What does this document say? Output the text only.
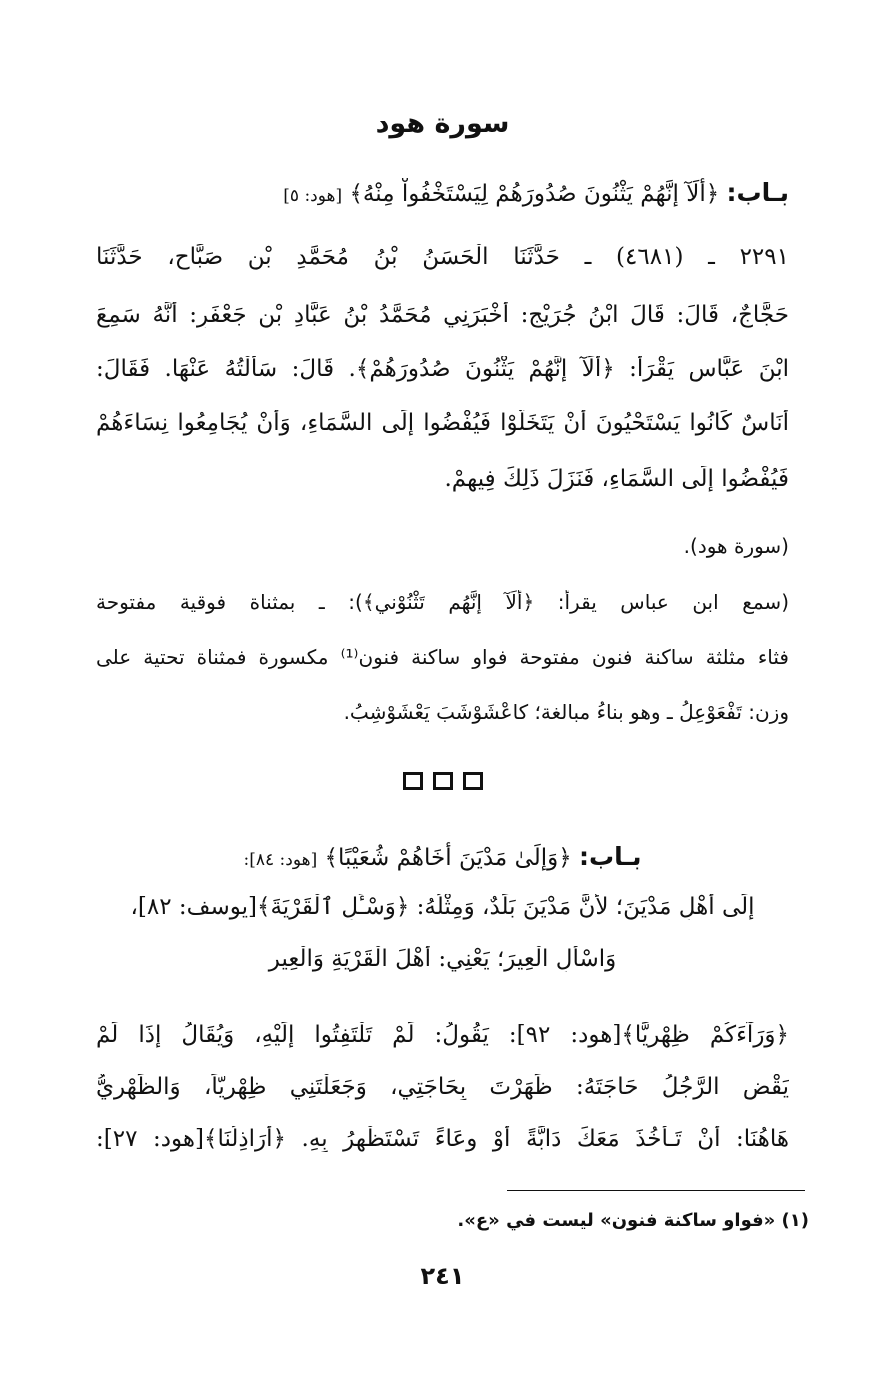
سورة هود
بـاب: ﴿أَلَآ إِنَّهُمْ يَثْنُونَ صُدُورَهُمْ لِيَسْتَخْفُواْ مِنْهُ﴾ [هود: ٥]
٢٢٩١ ـ (٤٦٨١) ـ حَدَّثَنَا الْحَسَنُ بْنُ مُحَمَّدِ بْنِ صَبَّاحٍ، حَدَّثَنَا
حَجَّاجٌ، قَالَ: قَالَ ابْنُ جُرَيْجٍ: أَخْبَرَنِي مُحَمَّدُ بْنُ عَبَّادِ بْنِ جَعْفَرٍ: أَنَّهُ سَمِعَ
ابْنَ عَبَّاسٍ يَقْرَأُ: ﴿أَلَآ إِنَّهُمْ يَثْنُونَ صُدُورَهُمْ﴾. قَالَ: سَأَلْتُهُ عَنْهَا. فَقَالَ:
أُنَاسٌ كَانُوا يَسْتَحْيُونَ أَنْ يَتَخَلَّوْا فَيُفْضُوا إِلَى السَّمَاءِ، وَأَنْ يُجَامِعُوا نِسَاءَهُمْ
فَيُفْضُوا إِلَى السَّمَاءِ، فَنَزَلَ ذَلِكَ فِيهِمْ.
(سورة هود).
(سمع ابن عباس يقرأ: ﴿أَلَآ إِنَّهُم تَثْنُوْني﴾): ـ بمثناة فوقية مفتوحة
فثاء مثلثة ساكنة فنون مفتوحة فواو ساكنة فنون⁽¹⁾ مكسورة فمثناة تحتية على
وزن: تَفْعَوْعِلُ ـ وهو بناءُ مبالغة؛ كاعْشَوْشَبَ يَعْشَوْشِبُ.
بـاب: ﴿وَإِلَىٰ مَدْيَنَ أَخَاهُمْ شُعَيْبًا﴾ [هود: ٨٤]:
إِلَى أَهْلِ مَدْيَنَ؛ لأَنَّ مَدْيَنَ بَلَدٌ، وَمِثْلُهُ: ﴿وَسْـَٔلِ ٱلْقَرْيَةَ﴾[يوسف: ٨٢]،
وَاسْأَلِ الْعِيرَ؛ يَعْنِي: أَهْلَ الْقَرْيَةِ وَالْعِيرِ
﴿وَرَآءَكُمْ ظِهْرِيًّا﴾[هود: ٩٢]: يَقُولُ: لَمْ تَلْتَفِتُوا إِلَيْهِ، وَيُقَالُ إِذَا لَمْ
يَقْضِ الرَّجُلُ حَاجَتَهُ: ظَهَرْتَ بِحَاجَتِي، وَجَعَلْتَنِي ظِهْرِيّاً، وَالظِّهْرِيُّ
هَاهُنَا: أَنْ تَـأْخُذَ مَعَكَ دَابَّةً أَوْ وِعَاءً تَسْتَظْهِرُ بِهِ. ﴿أَرَاذِلُنَا﴾[هود: ٢٧]:
(١) «فواو ساكنة فنون» ليست في «ع».
٢٤١
